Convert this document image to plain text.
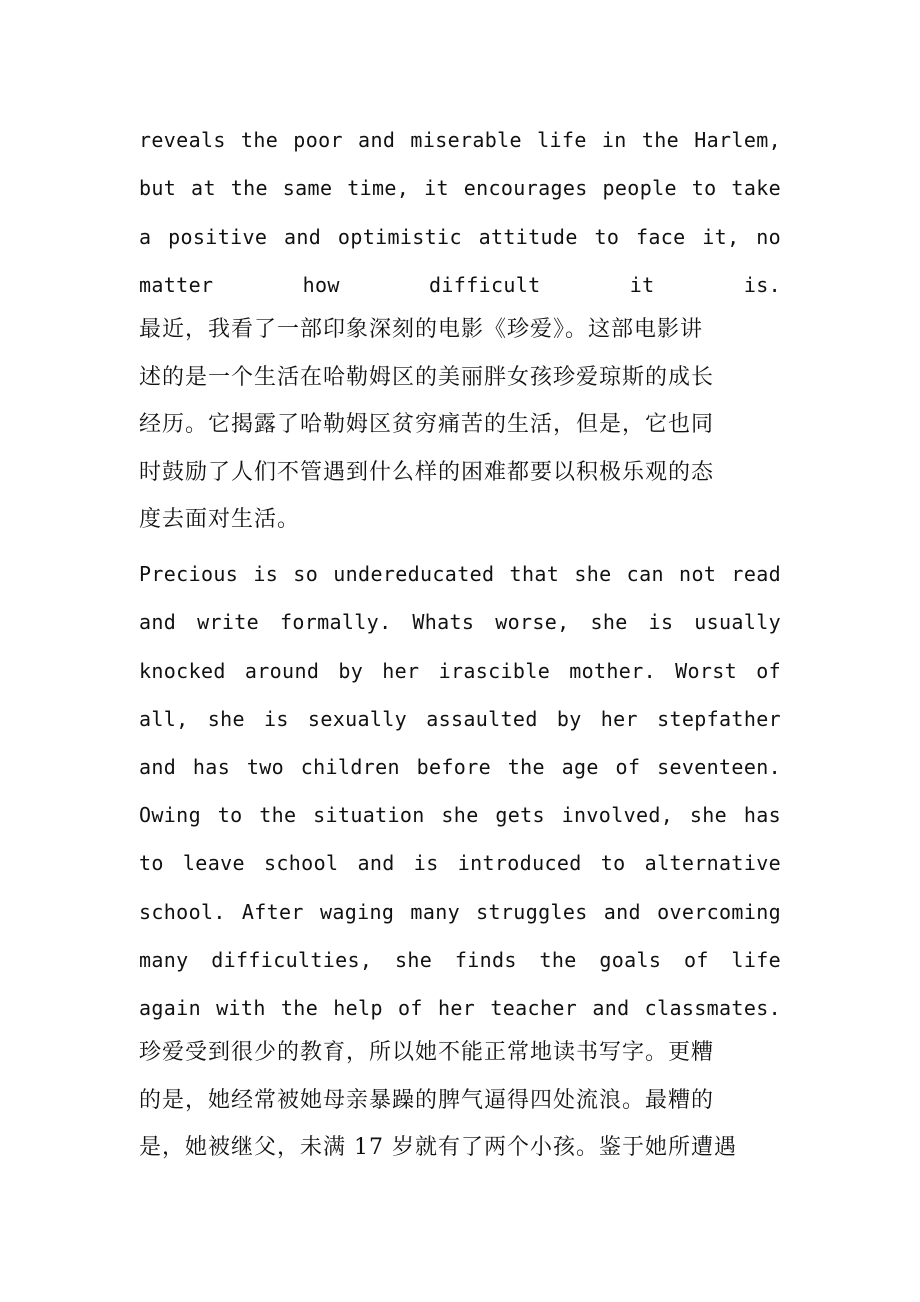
reveals the poor and miserable life in the Harlem,

but at the same time, it encourages people to take

a positive and optimistic attitude to face it, no

matter how difficult it is.

最近，我看了一部印象深刻的电影《珍爱》。这部电影讲

述的是一个生活在哈勒姆区的美丽胖女孩珍爱琼斯的成长

经历。它揭露了哈勒姆区贫穷痛苦的生活，但是，它也同

时鼓励了人们不管遇到什么样的困难都要以积极乐观的态

度去面对生活。

Precious is so undereducated that she can not read

and write formally. Whats worse, she is usually

knocked around by her irascible mother. Worst of

all, she is sexually assaulted by her stepfather

and has two children before the age of seventeen.

Owing to the situation she gets involved, she has

to leave school and is introduced to alternative

school. After waging many struggles and overcoming

many difficulties, she finds the goals of life

again with the help of her teacher and classmates.

珍爱受到很少的教育，所以她不能正常地读书写字。更糟

的是，她经常被她母亲暴躁的脾气逼得四处流浪。最糟的

是，她被继父，未满 17 岁就有了两个小孩。鉴于她所遭遇
